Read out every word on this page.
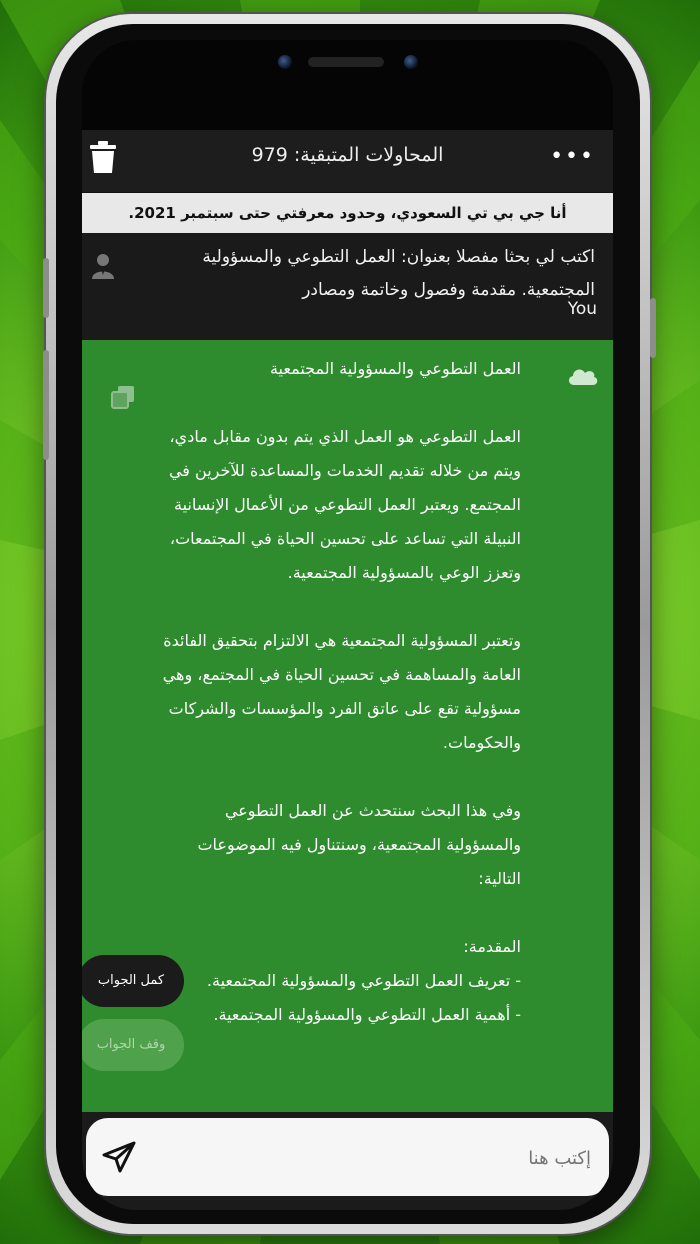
المحاولات المتبقية: 979	•••
أنا جي بي تي السعودي، وحدود معرفتي حتى سبتمبر 2021.
اكتب لي بحثا مفصلا بعنوان: العمل التطوعي والمسؤولية المجتمعية. مقدمة وفصول وخاتمة ومصادر
You
العمل التطوعي والمسؤولية المجتمعية

العمل التطوعي هو العمل الذي يتم بدون مقابل مادي، ويتم من خلاله تقديم الخدمات والمساعدة للآخرين في المجتمع. ويعتبر العمل التطوعي من الأعمال الإنسانية النبيلة التي تساعد على تحسين الحياة في المجتمعات، وتعزز الوعي بالمسؤولية المجتمعية.

وتعتبر المسؤولية المجتمعية هي الالتزام بتحقيق الفائدة العامة والمساهمة في تحسين الحياة في المجتمع، وهي مسؤولية تقع على عاتق الفرد والمؤسسات والشركات والحكومات.

وفي هذا البحث سنتحدث عن العمل التطوعي والمسؤولية المجتمعية، وسنتناول فيه الموضوعات التالية:

المقدمة:
- تعريف العمل التطوعي والمسؤولية المجتمعية.
- أهمية العمل التطوعي والمسؤولية المجتمعية.
كمل الجواب
وقف الجواب
إكتب هنا
